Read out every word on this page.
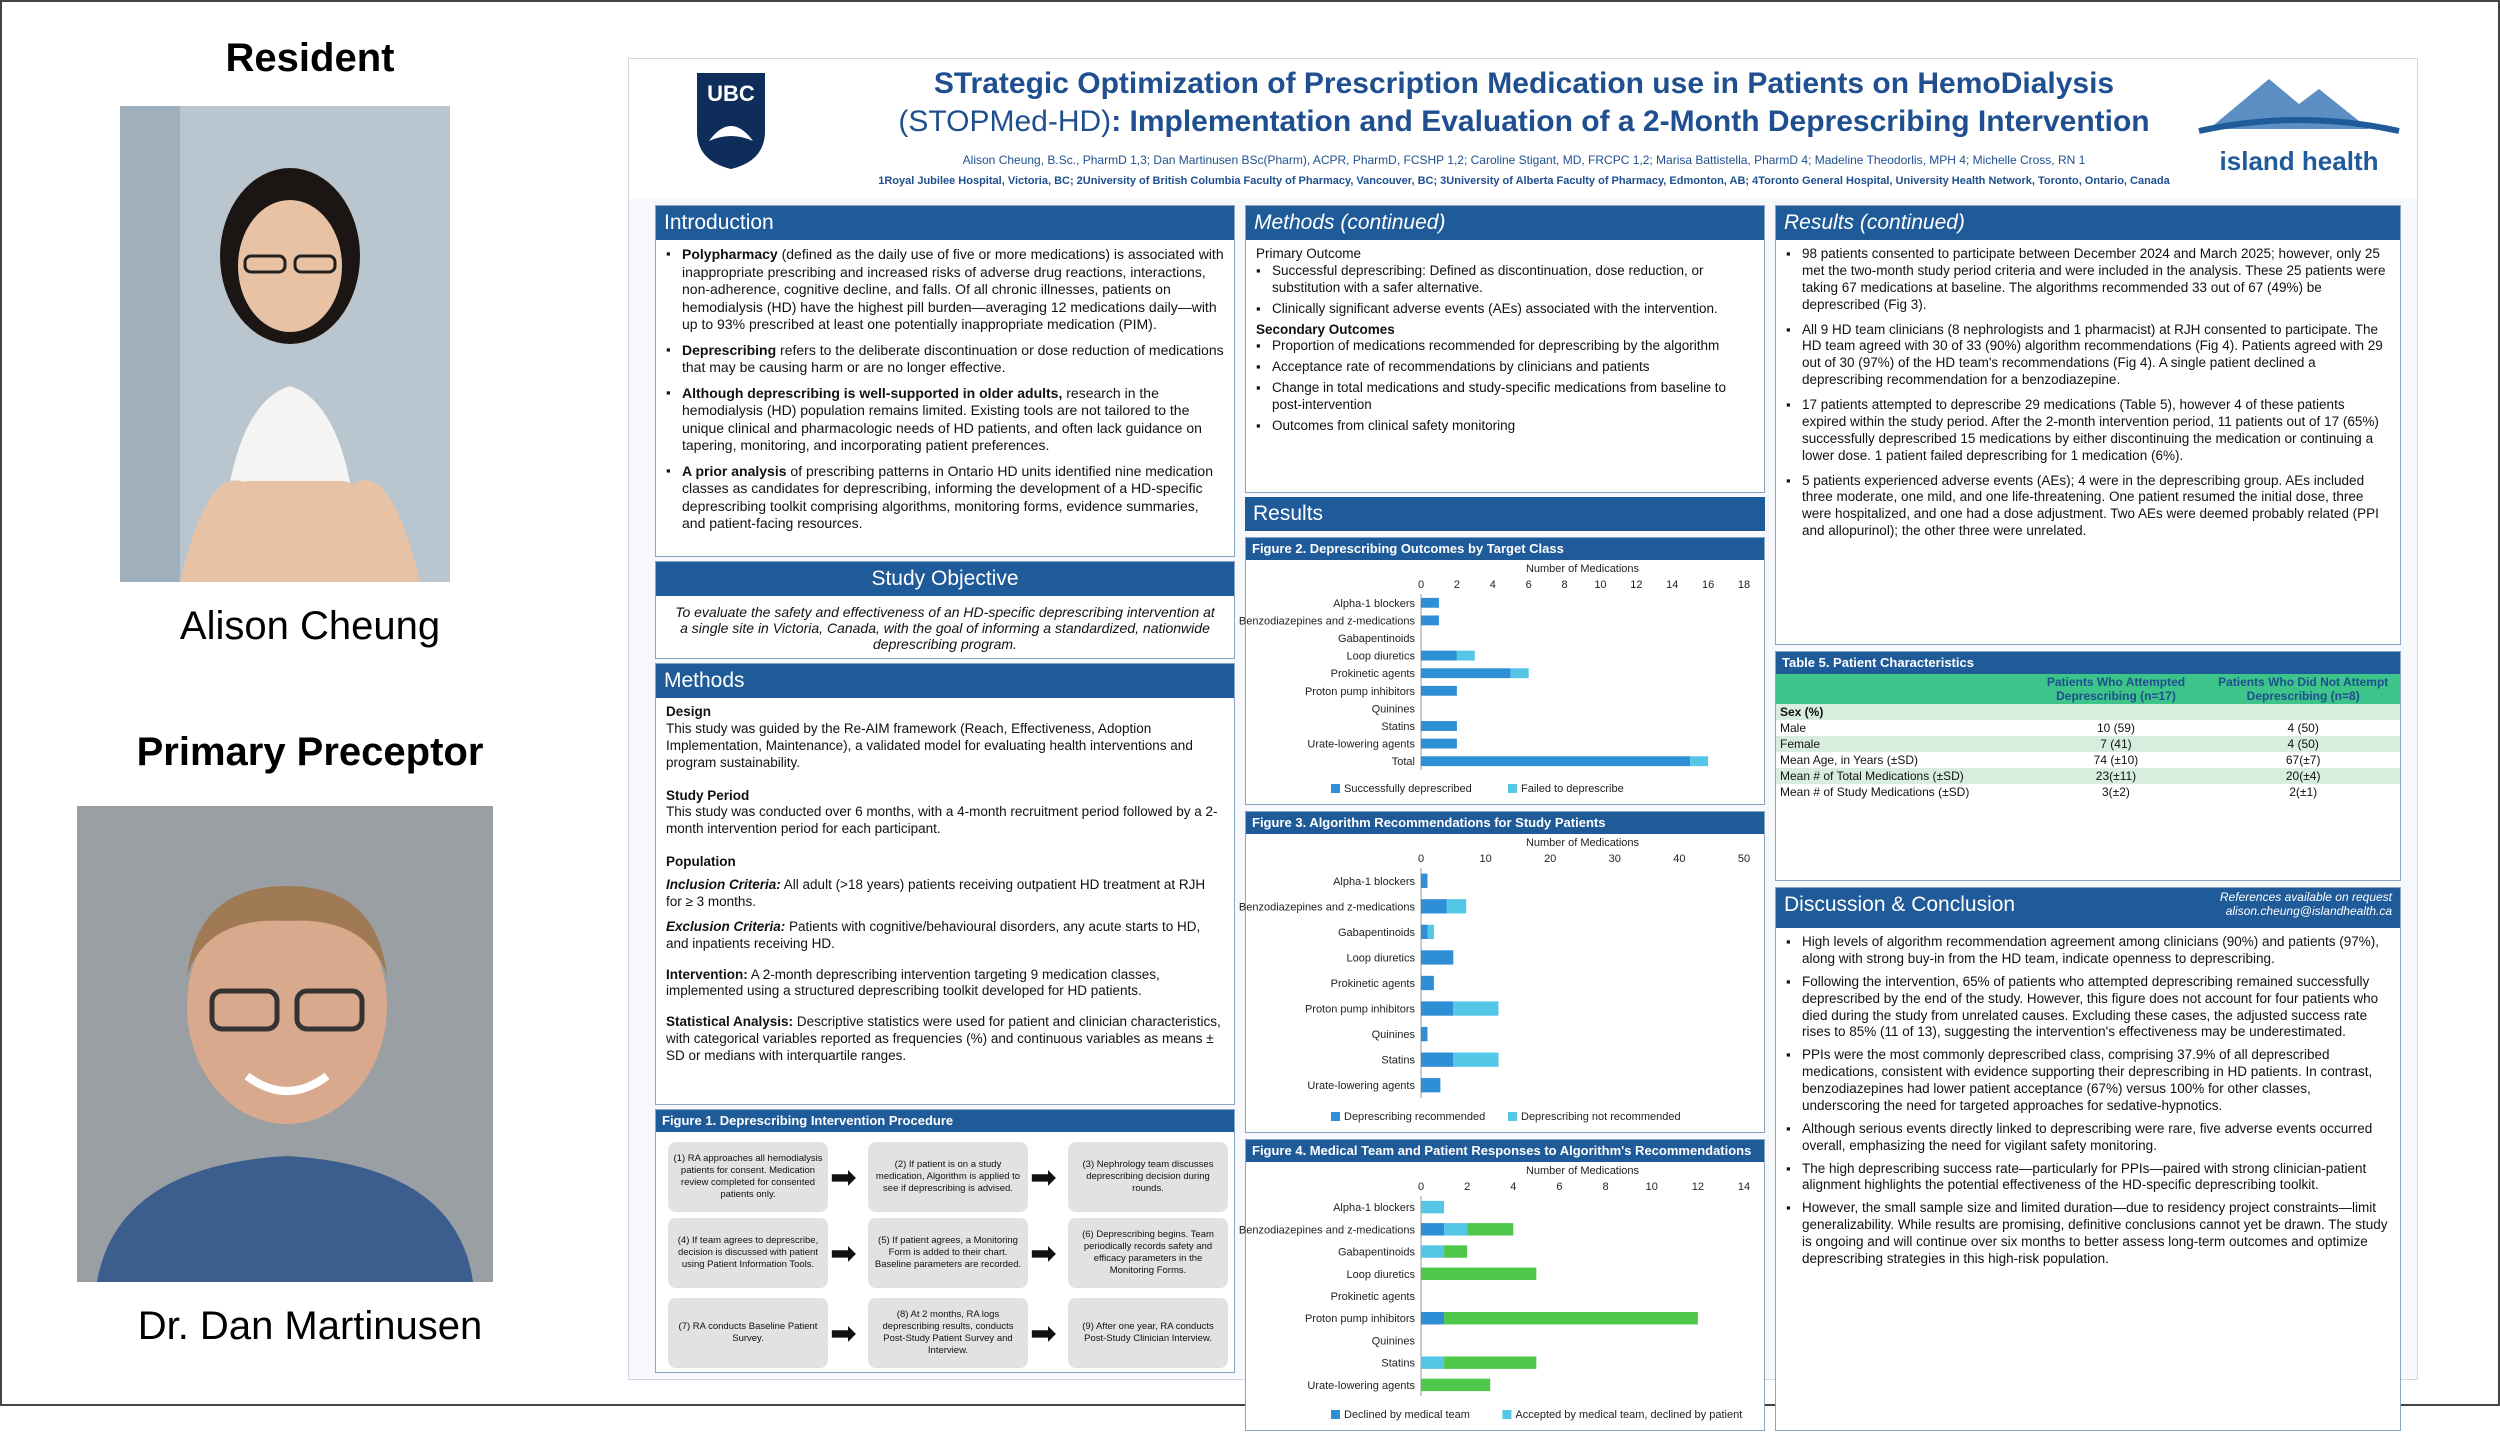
Resident
Alison Cheung
Primary Preceptor
Dr. Dan Martinusen
UBC	STrategic Optimization of Prescription Medication use in Patients on HemoDialysis
(STOPMed-HD): Implementation and Evaluation of a 2-Month Deprescribing Intervention
Alison Cheung, B.Sc., PharmD 1,3; Dan Martinusen BSc(Pharm), ACPR, PharmD, FCSHP 1,2; Caroline Stigant, MD, FRCPC 1,2; Marisa Battistella, PharmD 4; Madeline Theodorlis, MPH 4; Michelle Cross, RN 1
1Royal Jubilee Hospital, Victoria, BC; 2University of British Columbia Faculty of Pharmacy, Vancouver, BC; 3University of Alberta Faculty of Pharmacy, Edmonton, AB; 4Toronto General Hospital, University Health Network, Toronto, Ontario, Canada
island health
Introduction
▪ Polypharmacy (defined as the daily use of five or more medications) is associated with inappropriate prescribing and increased risks of adverse drug reactions, interactions, non-adherence, cognitive decline, and falls. Of all chronic illnesses, patients on hemodialysis (HD) have the highest pill burden—averaging 12 medications daily—with up to 93% prescribed at least one potentially inappropriate medication (PIM).
▪ Deprescribing refers to the deliberate discontinuation or dose reduction of medications that may be causing harm or are no longer effective.
▪ Although deprescribing is well-supported in older adults, research in the hemodialysis (HD) population remains limited. Existing tools are not tailored to the unique clinical and pharmacologic needs of HD patients, and often lack guidance on tapering, monitoring, and incorporating patient preferences.
▪ A prior analysis of prescribing patterns in Ontario HD units identified nine medication classes as candidates for deprescribing, informing the development of a HD-specific deprescribing toolkit comprising algorithms, monitoring forms, evidence summaries, and patient-facing resources.
Study Objective
To evaluate the safety and effectiveness of an HD-specific deprescribing intervention at a single site in Victoria, Canada, with the goal of informing a standardized, nationwide deprescribing program.
Methods
Design
This study was guided by the Re-AIM framework (Reach, Effectiveness, Adoption Implementation, Maintenance), a validated model for evaluating health interventions and program sustainability.
Study Period
This study was conducted over 6 months, with a 4-month recruitment period followed by a 2-month intervention period for each participant.
Population
Inclusion Criteria: All adult (>18 years) patients receiving outpatient HD treatment at RJH for ≥ 3 months.
Exclusion Criteria: Patients with cognitive/behavioural disorders, any acute starts to HD, and inpatients receiving HD.
Intervention: A 2-month deprescribing intervention targeting 9 medication classes, implemented using a structured deprescribing toolkit developed for HD patients.
Statistical Analysis: Descriptive statistics were used for patient and clinician characteristics, with categorical variables reported as frequencies (%) and continuous variables as means ± SD or medians with interquartile ranges.
Figure 1. Deprescribing Intervention Procedure
(1) RA approaches all hemodialysis patients for consent. Medication review completed for consented patients only.	➡	(2) If patient is on a study medication, Algorithm is applied to see if deprescribing is advised. ➡	(3) Nephrology team discusses deprescribing decision during rounds.
(4) If team agrees to deprescribe, decision is discussed with patient using Patient Information Tools. ➡	(5) If patient agrees, a Monitoring Form is added to their chart. Baseline parameters are recorded. ➡
(6) Deprescribing begins. Team periodically records safety and efficacy parameters in the Monitoring Forms.
(7) RA conducts Baseline Patient Survey.	➡
(8) At 2 months, RA logs deprescribing results, conducts Post-Study Patient Survey and Interview.	➡	(9) After one year, RA conducts Post-Study Clinician Interview.
Methods (continued)
Primary Outcome
▪ Successful deprescribing: Defined as discontinuation, dose reduction, or substitution with a safer alternative.
▪ Clinically significant adverse events (AEs) associated with the intervention.
Secondary Outcomes
▪ Proportion of medications recommended for deprescribing by the algorithm
▪ Acceptance rate of recommendations by clinicians and patients
▪ Change in total medications and study-specific medications from baseline to post-intervention
▪ Outcomes from clinical safety monitoring
Results
Figure 2. Deprescribing Outcomes by Target Class
Number of Medications
0	2	4	6	8 10 12 14 16 18
Alpha-1 blockers
Benzodiazepines and z-medications
Gabapentinoids
Loop diuretics
Prokinetic agents
Proton pump inhibitors
Quinines
Statins
Urate-lowering agents
Total
Successfully deprescribed	Failed to deprescribe
Figure 3. Algorithm Recommendations for Study Patients
Number of Medications
0	10	20	30	40	50
Alpha-1 blockers
Benzodiazepines and z-medications
Gabapentinoids
Loop diuretics
Prokinetic agents
Proton pump inhibitors
Quinines
Statins
Urate-lowering agents
Deprescribing recommended	Deprescribing not recommended
Figure 4. Medical Team and Patient Responses to Algorithm's Recommendations
Number of Medications
0	2	4	6	8	10	12	14
Alpha-1 blockers
Benzodiazepines and z-medications
Gabapentinoids
Loop diuretics
Prokinetic agents
Proton pump inhibitors
Quinines
Statins
Urate-lowering agents
Declined by medical team	Accepted by medical team, declined by patient
Results (continued)
▪ 98 patients consented to participate between December 2024 and March 2025; however, only 25 met the two-month study period criteria and were included in the analysis. These 25 patients were taking 67 medications at baseline. The algorithms recommended 33 out of 67 (49%) be deprescribed (Fig 3).
▪ All 9 HD team clinicians (8 nephrologists and 1 pharmacist) at RJH consented to participate. The HD team agreed with 30 of 33 (90%) algorithm recommendations (Fig 4). Patients agreed with 29 out of 30 (97%) of the HD team's recommendations (Fig 4). A single patient declined a deprescribing recommendation for a benzodiazepine.
▪ 17 patients attempted to deprescribe 29 medications (Table 5), however 4 of these patients expired within the study period. After the 2-month intervention period, 11 patients out of 17 (65%) successfully deprescribed 15 medications by either discontinuing the medication or continuing a lower dose. 1 patient failed deprescribing for 1 medication (6%).
▪ 5 patients experienced adverse events (AEs); 4 were in the deprescribing group. AEs included three moderate, one mild, and one life-threatening. One patient resumed the initial dose, three were hospitalized, and one had a dose adjustment. Two AEs were deemed probably related (PPI and allopurinol); the other three were unrelated.
Table 5. Patient Characteristics
	Patients Who Attempted Deprescribing (n=17)	Patients Who Did Not Attempt Deprescribing (n=8)
Sex (%)		
Male	10 (59)	4 (50)
Female	7 (41)	4 (50)
Mean Age, in Years (±SD)	74 (±10)	67(±7)
Mean # of Total Medications (±SD)	23(±11)	20(±4)
Mean # of Study Medications (±SD)	3(±2)	2(±1)
Discussion & Conclusion	References available on request
alison.cheung@islandhealth.ca
▪ High levels of algorithm recommendation agreement among clinicians (90%) and patients (97%), along with strong buy-in from the HD team, indicate openness to deprescribing.
▪ Following the intervention, 65% of patients who attempted deprescribing remained successfully deprescribed by the end of the study. However, this figure does not account for four patients who died during the study from unrelated causes. Excluding these cases, the adjusted success rate rises to 85% (11 of 13), suggesting the intervention's effectiveness may be underestimated.
▪ PPIs were the most commonly deprescribed class, comprising 37.9% of all deprescribed medications, consistent with evidence supporting their deprescribing in HD patients. In contrast, benzodiazepines had lower patient acceptance (67%) versus 100% for other classes, underscoring the need for targeted approaches for sedative-hypnotics.
▪ Although serious events directly linked to deprescribing were rare, five adverse events occurred overall, emphasizing the need for vigilant safety monitoring.
▪ The high deprescribing success rate—particularly for PPIs—paired with strong clinician-patient alignment highlights the potential effectiveness of the HD-specific deprescribing toolkit.
▪ However, the small sample size and limited duration—due to residency project constraints—limit generalizability. While results are promising, definitive conclusions cannot yet be drawn. The study is ongoing and will continue over six months to better assess long-term outcomes and optimize deprescribing strategies in this high-risk population.
